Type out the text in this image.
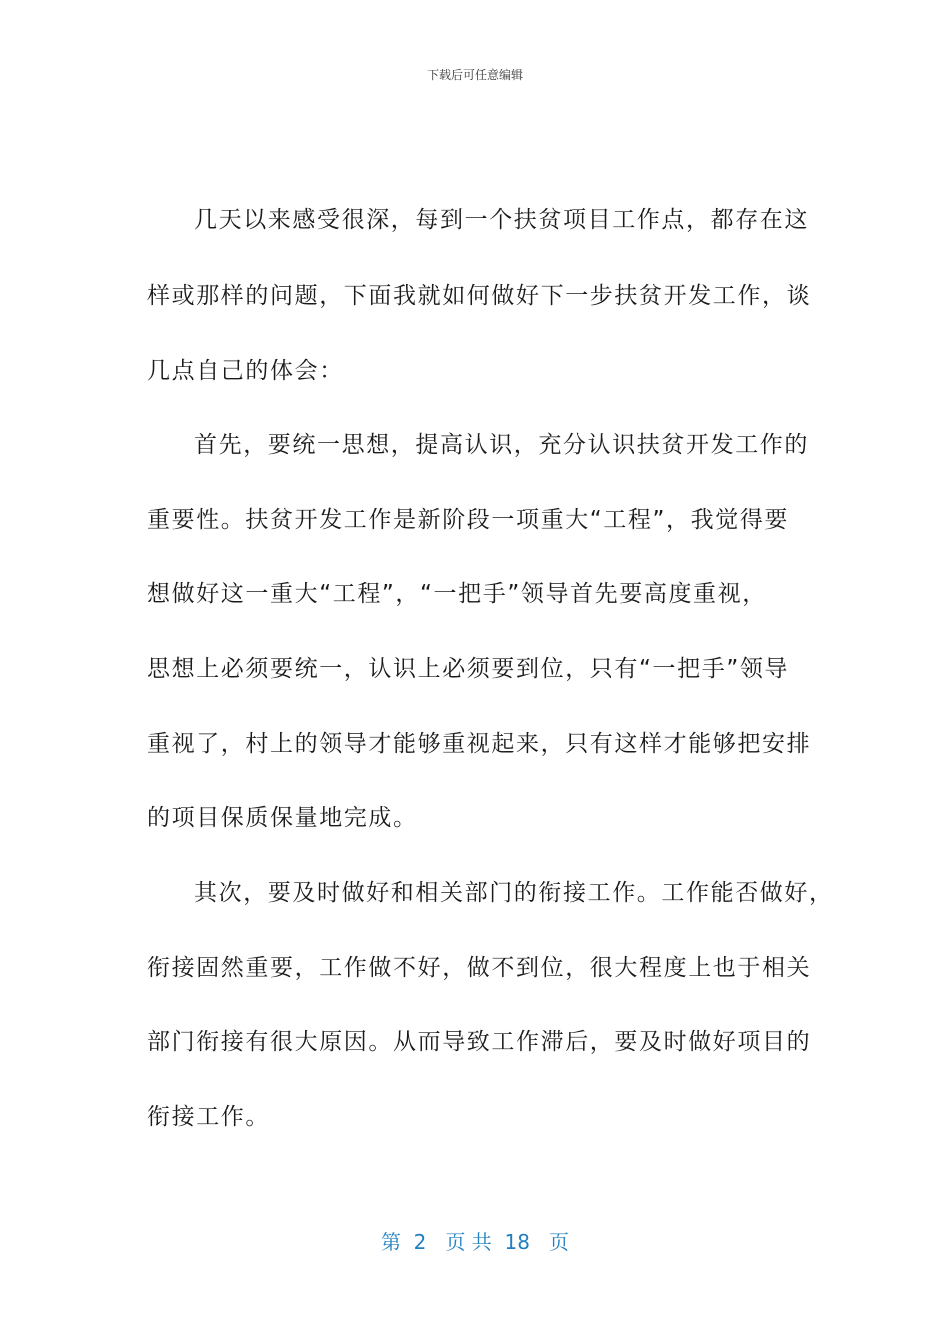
下载后可任意编辑
几天以来感受很深，每到一个扶贫项目工作点，都存在这
样或那样的问题，下面我就如何做好下一步扶贫开发工作，谈
几点自己的体会：
首先，要统一思想，提高认识，充分认识扶贫开发工作的
重要性。扶贫开发工作是新阶段一项重大“工程”，我觉得要
想做好这一重大“工程”，“一把手”领导首先要高度重视，
思想上必须要统一，认识上必须要到位，只有“一把手”领导
重视了，村上的领导才能够重视起来，只有这样才能够把安排
的项目保质保量地完成。
其次，要及时做好和相关部门的衔接工作。工作能否做好，
衔接固然重要，工作做不好，做不到位，很大程度上也于相关
部门衔接有很大原因。从而导致工作滞后，要及时做好项目的
衔接工作。
第  2   页 共  18   页
